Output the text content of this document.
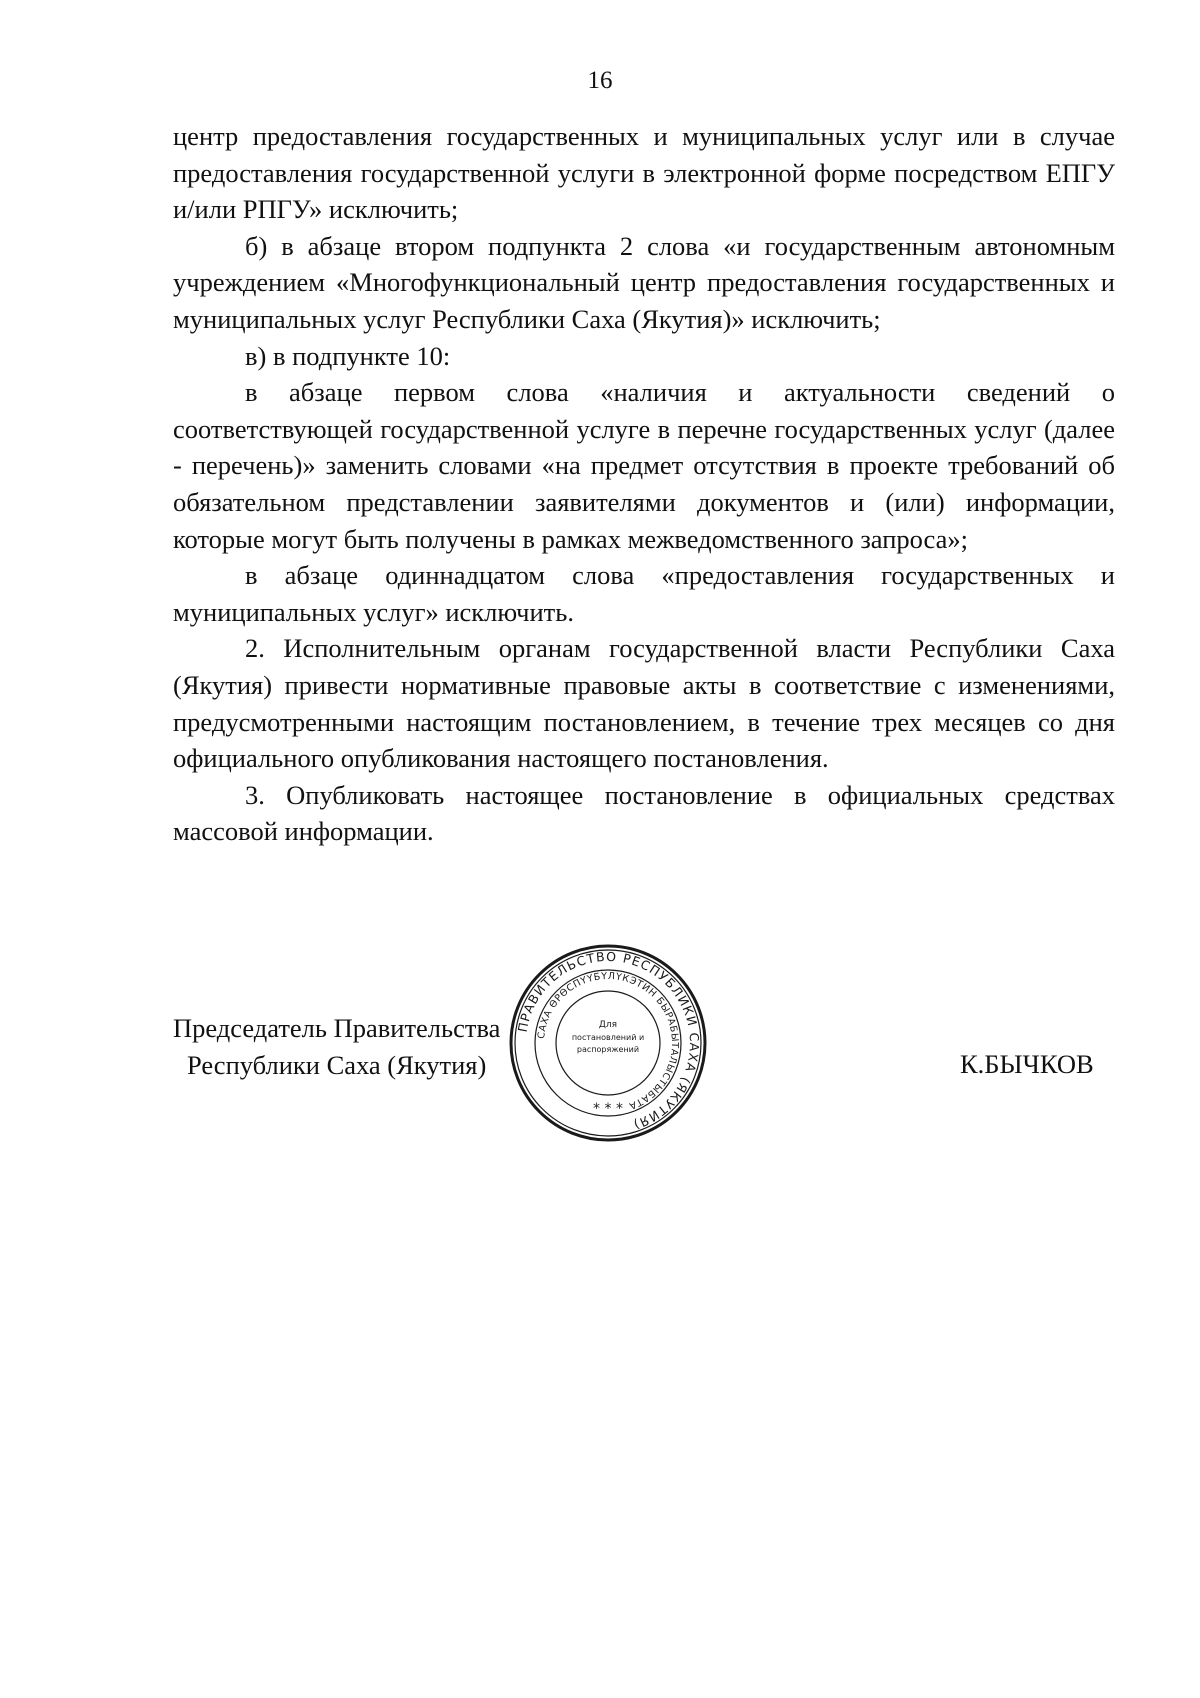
16

центр предоставления государственных и муниципальных услуг или в случае предоставления государственной услуги в электронной форме посредством ЕПГУ и/или РПГУ» исключить;

б) в абзаце втором подпункта 2 слова «и государственным автономным учреждением «Многофункциональный центр предоставления государственных и муниципальных услуг Республики Саха (Якутия)» исключить;

в) в подпункте 10:

в абзаце первом слова «наличия и актуальности сведений о соответствующей государственной услуге в перечне государственных услуг (далее - перечень)» заменить словами «на предмет отсутствия в проекте требований об обязательном представлении заявителями документов и (или) информации, которые могут быть получены в рамках межведомственного запроса»;

в абзаце одиннадцатом слова «предоставления государственных и муниципальных услуг» исключить.

2. Исполнительным органам государственной власти Республики Саха (Якутия) привести нормативные правовые акты в соответствие с изменениями, предусмотренными настоящим постановлением, в течение трех месяцев со дня официального опубликования настоящего постановления.

3. Опубликовать настоящее постановление в официальных средствах массовой информации.

Председатель Правительства
Республики Саха (Якутия)	К.БЫЧКОВ
ПРАВИТЕЛЬСТВО РЕСПУБЛИКИ САХА (ЯКУТИЯ)
САХА ӨРӨСПҮҮБҮЛҮКЭТИН БЫРАБЫТАЛЫСТЫБАТА
Для
постановлений и
распоряжений
* * *
